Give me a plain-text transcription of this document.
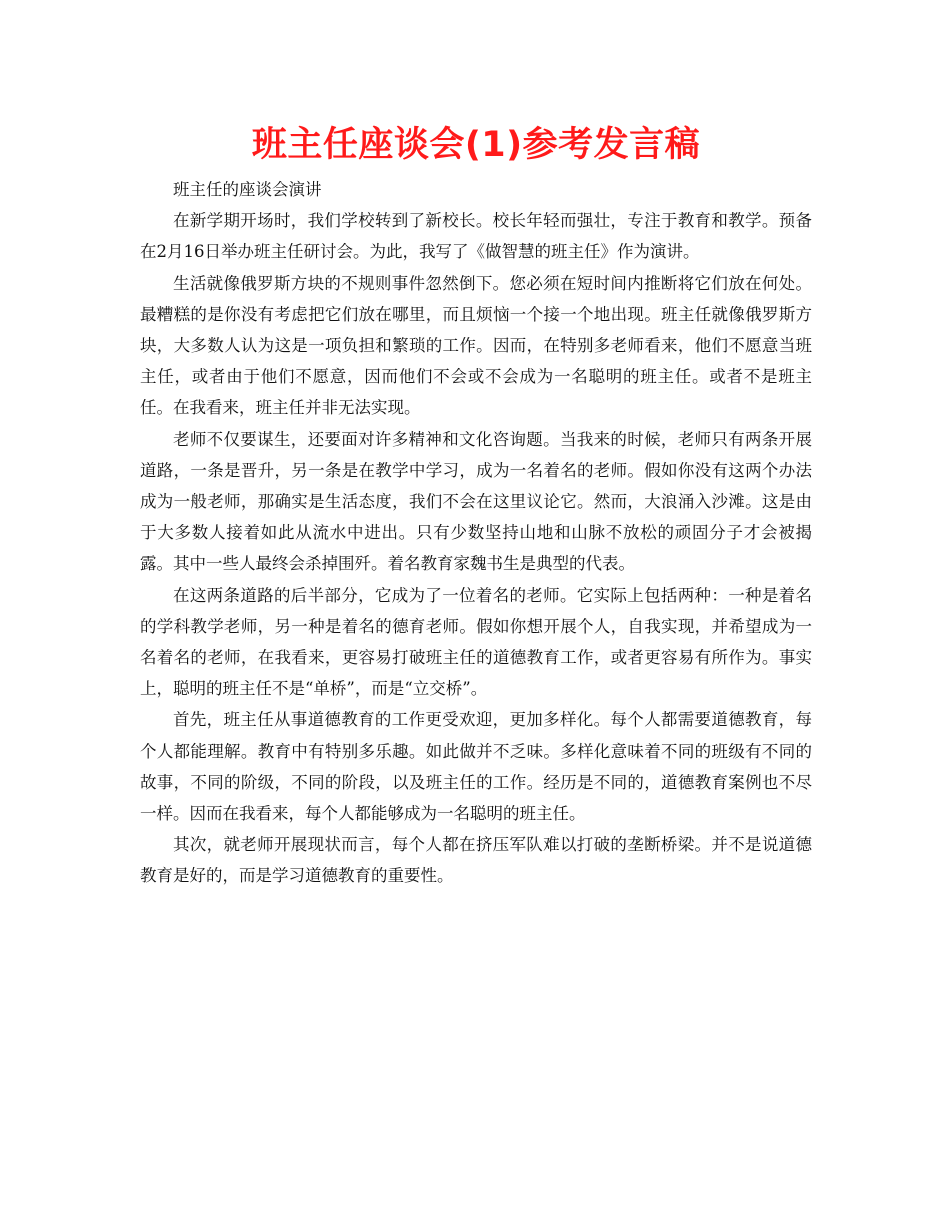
班主任座谈会(1)参考发言稿

班主任的座谈会演讲

在新学期开场时，我们学校转到了新校长。校长年轻而强壮，专注于教育和教学。预备在2月16日举办班主任研讨会。为此，我写了《做智慧的班主任》作为演讲。

生活就像俄罗斯方块的不规则事件忽然倒下。您必须在短时间内推断将它们放在何处。最糟糕的是你没有考虑把它们放在哪里，而且烦恼一个接一个地出现。班主任就像俄罗斯方块，大多数人认为这是一项负担和繁琐的工作。因而，在特别多老师看来，他们不愿意当班主任，或者由于他们不愿意，因而他们不会或不会成为一名聪明的班主任。或者不是班主任。在我看来，班主任并非无法实现。

老师不仅要谋生，还要面对许多精神和文化咨询题。当我来的时候，老师只有两条开展道路，一条是晋升，另一条是在教学中学习，成为一名着名的老师。假如你没有这两个办法成为一般老师，那确实是生活态度，我们不会在这里议论它。然而，大浪涌入沙滩。这是由于大多数人接着如此从流水中进出。只有少数坚持山地和山脉不放松的顽固分子才会被揭露。其中一些人最终会杀掉围歼。着名教育家魏书生是典型的代表。

在这两条道路的后半部分，它成为了一位着名的老师。它实际上包括两种：一种是着名的学科教学老师，另一种是着名的德育老师。假如你想开展个人，自我实现，并希望成为一名着名的老师，在我看来，更容易打破班主任的道德教育工作，或者更容易有所作为。事实上，聪明的班主任不是“单桥”，而是“立交桥”。

首先，班主任从事道德教育的工作更受欢迎，更加多样化。每个人都需要道德教育，每个人都能理解。教育中有特别多乐趣。如此做并不乏味。多样化意味着不同的班级有不同的故事，不同的阶级，不同的阶段，以及班主任的工作。经历是不同的，道德教育案例也不尽一样。因而在我看来，每个人都能够成为一名聪明的班主任。

其次，就老师开展现状而言，每个人都在挤压军队难以打破的垄断桥梁。并不是说道德教育是好的，而是学习道德教育的重要性。
